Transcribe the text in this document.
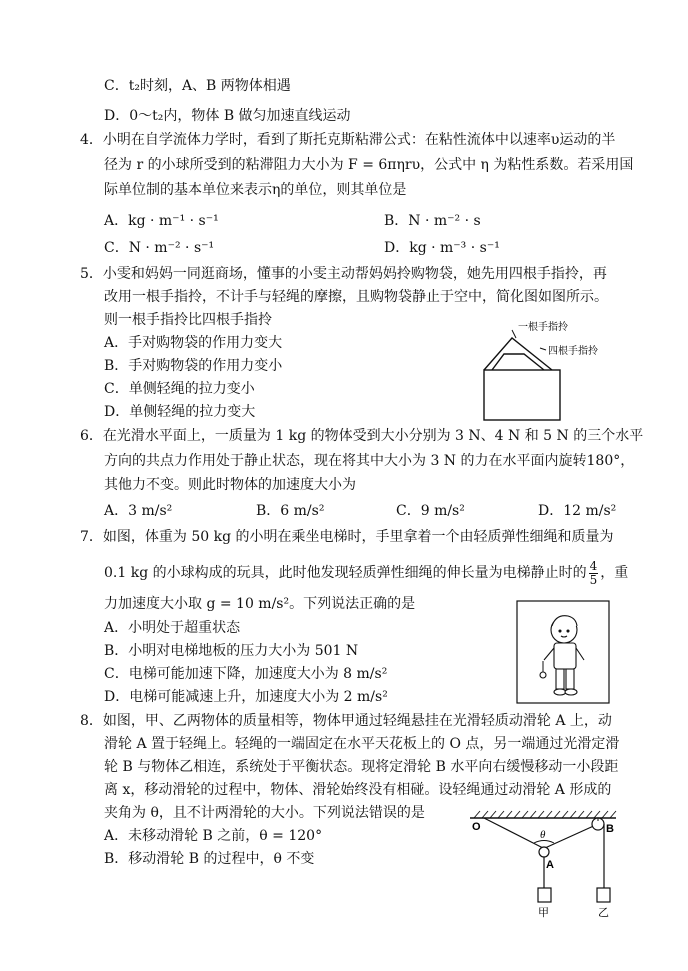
C．t₂时刻，A、B 两物体相遇
D．0～t₂内，物体 B 做匀加速直线运动
4．小明在自学流体力学时，看到了斯托克斯粘滞公式：在粘性流体中以速率υ运动的半
径为 r 的小球所受到的粘滞阻力大小为 F = 6πηrυ，公式中 η 为粘性系数。若采用国
际单位制的基本单位来表示η的单位，则其单位是
A．kg · m⁻¹ · s⁻¹	B．N · m⁻² · s
C．N · m⁻² · s⁻¹	D．kg · m⁻³ · s⁻¹
5．小雯和妈妈一同逛商场，懂事的小雯主动帮妈妈拎购物袋，她先用四根手指拎，再
改用一根手指拎，不计手与轻绳的摩擦，且购物袋静止于空中，简化图如图所示。
则一根手指拎比四根手指拎
A．手对购物袋的作用力变大
B．手对购物袋的作用力变小
C．单侧轻绳的拉力变小
D．单侧轻绳的拉力变大
一根手指拎
四根手指拎
6．在光滑水平面上，一质量为 1 kg 的物体受到大小分别为 3 N、4 N 和 5 N 的三个水平
方向的共点力作用处于静止状态，现在将其中大小为 3 N 的力在水平面内旋转180°，
其他力不变。则此时物体的加速度大小为
A．3 m/s²	B．6 m/s²	C．9 m/s²	D．12 m/s²
7．如图，体重为 50 kg 的小明在乘坐电梯时，手里拿着一个由轻质弹性细绳和质量为
0.1 kg 的小球构成的玩具，此时他发现轻质弹性细绳的伸长量为电梯静止时的 $\frac{4}{5}$ ，重
力加速度大小取 g = 10 m/s²。下列说法正确的是
A．小明处于超重状态
B．小明对电梯地板的压力大小为 501 N
C．电梯可能加速下降，加速度大小为 8 m/s²
D．电梯可能减速上升，加速度大小为 2 m/s²
8．如图，甲、乙两物体的质量相等，物体甲通过轻绳悬挂在光滑轻质动滑轮 A 上，动
滑轮 A 置于轻绳上。轻绳的一端固定在水平天花板上的 O 点，另一端通过光滑定滑
轮 B 与物体乙相连，系统处于平衡状态。现将定滑轮 B 水平向右缓慢移动一小段距
离 x，移动滑轮的过程中，物体、滑轮始终没有相碰。设轻绳通过动滑轮 A 形成的
夹角为 θ，且不计两滑轮的大小。下列说法错误的是
A．未移动滑轮 B 之前，θ = 120°
B．移动滑轮 B 的过程中，θ 不变
O	B
A
θ
甲	乙
